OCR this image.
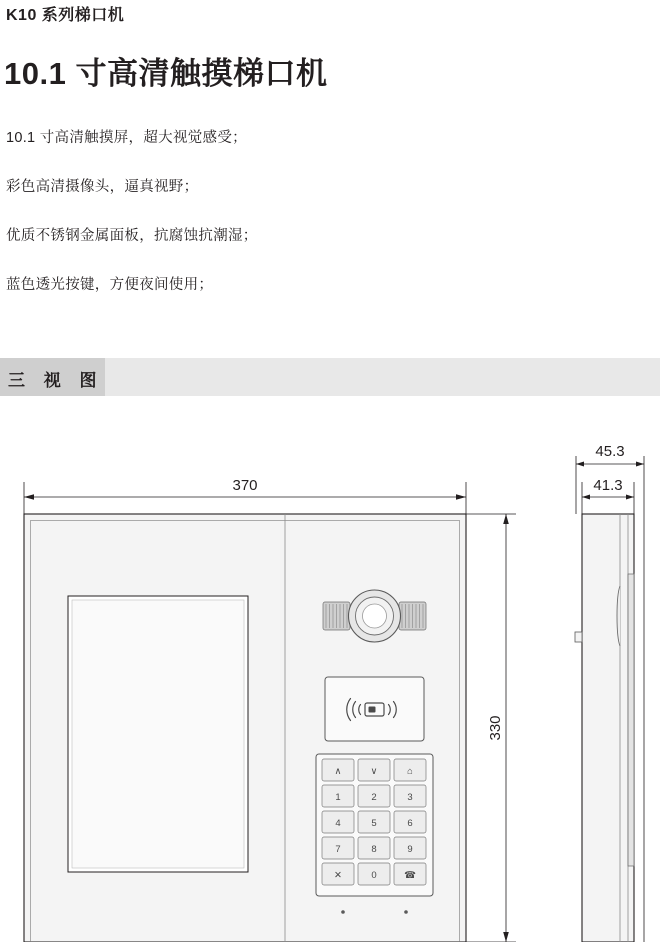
K10 系列梯口机
10.1 寸高清触摸梯口机
10.1 寸高清触摸屏，超大视觉感受；
彩色高清摄像头，逼真视野；
优质不锈钢金属面板，抗腐蚀抗潮湿；
蓝色透光按键，方便夜间使用；
三 视 图
370
∧	∨	⌂
1	2	3
4	5	6
7	8	9
✕	0	☎
330
45.3
41.3
